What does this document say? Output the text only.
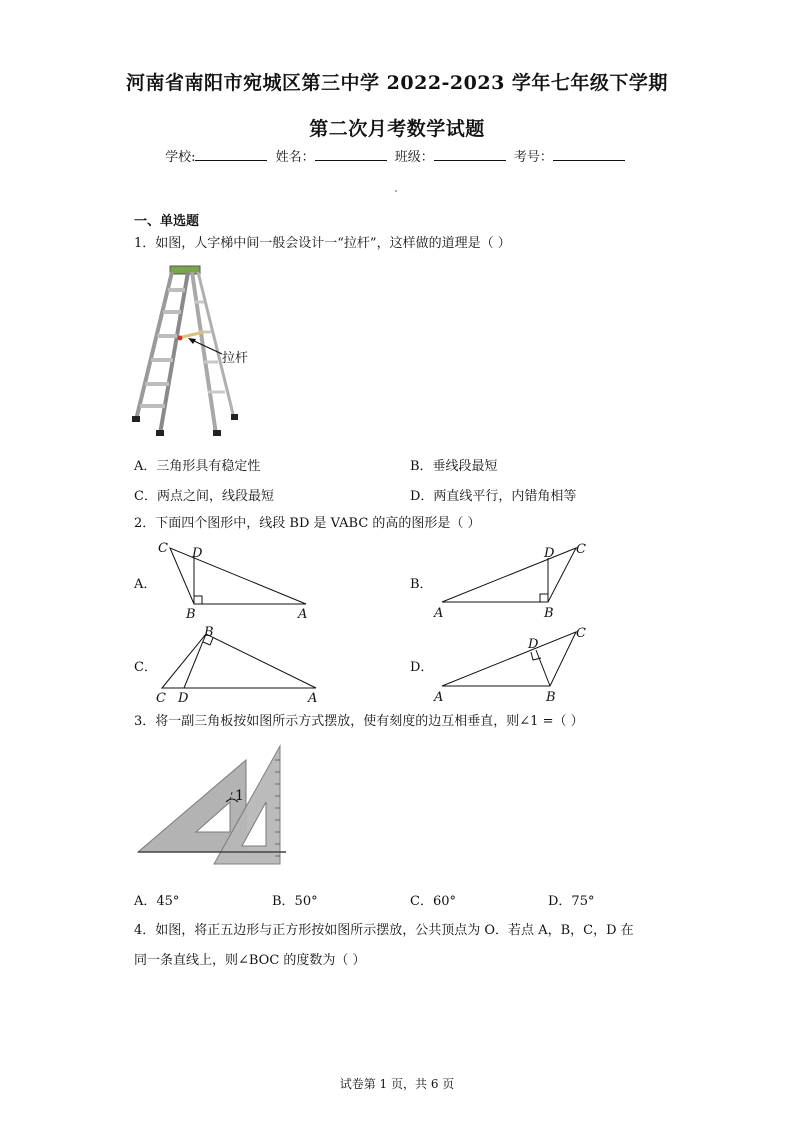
河南省南阳市宛城区第三中学 2022-2023 学年七年级下学期
第二次月考数学试题
学校:	姓名：	班级：	考号：
一、单选题
1．如图，人字梯中间一般会设计一“拉杆”，这样做的道理是（ ）
拉杆
A．三角形具有稳定性	B．垂线段最短
C．两点之间，线段最短	D．两直线平行，内错角相等
2．下面四个图形中，线段 BD 是 VABC 的高的图形是（ ）
A．
C D
B	A
B．
D C
A	B
C．
B
C D	A
D．
D
C
A	B
3．将一副三角板按如图所示方式摆放，使有刻度的边互相垂直，则∠1 =（ ）
1
A．45°	B．50°	C．60°	D．75°
4．如图，将正五边形与正方形按如图所示摆放，公共顶点为 O．若点 A，B，C，D 在
同一条直线上，则∠BOC 的度数为（ ）
试卷第 1 页，共 6 页
